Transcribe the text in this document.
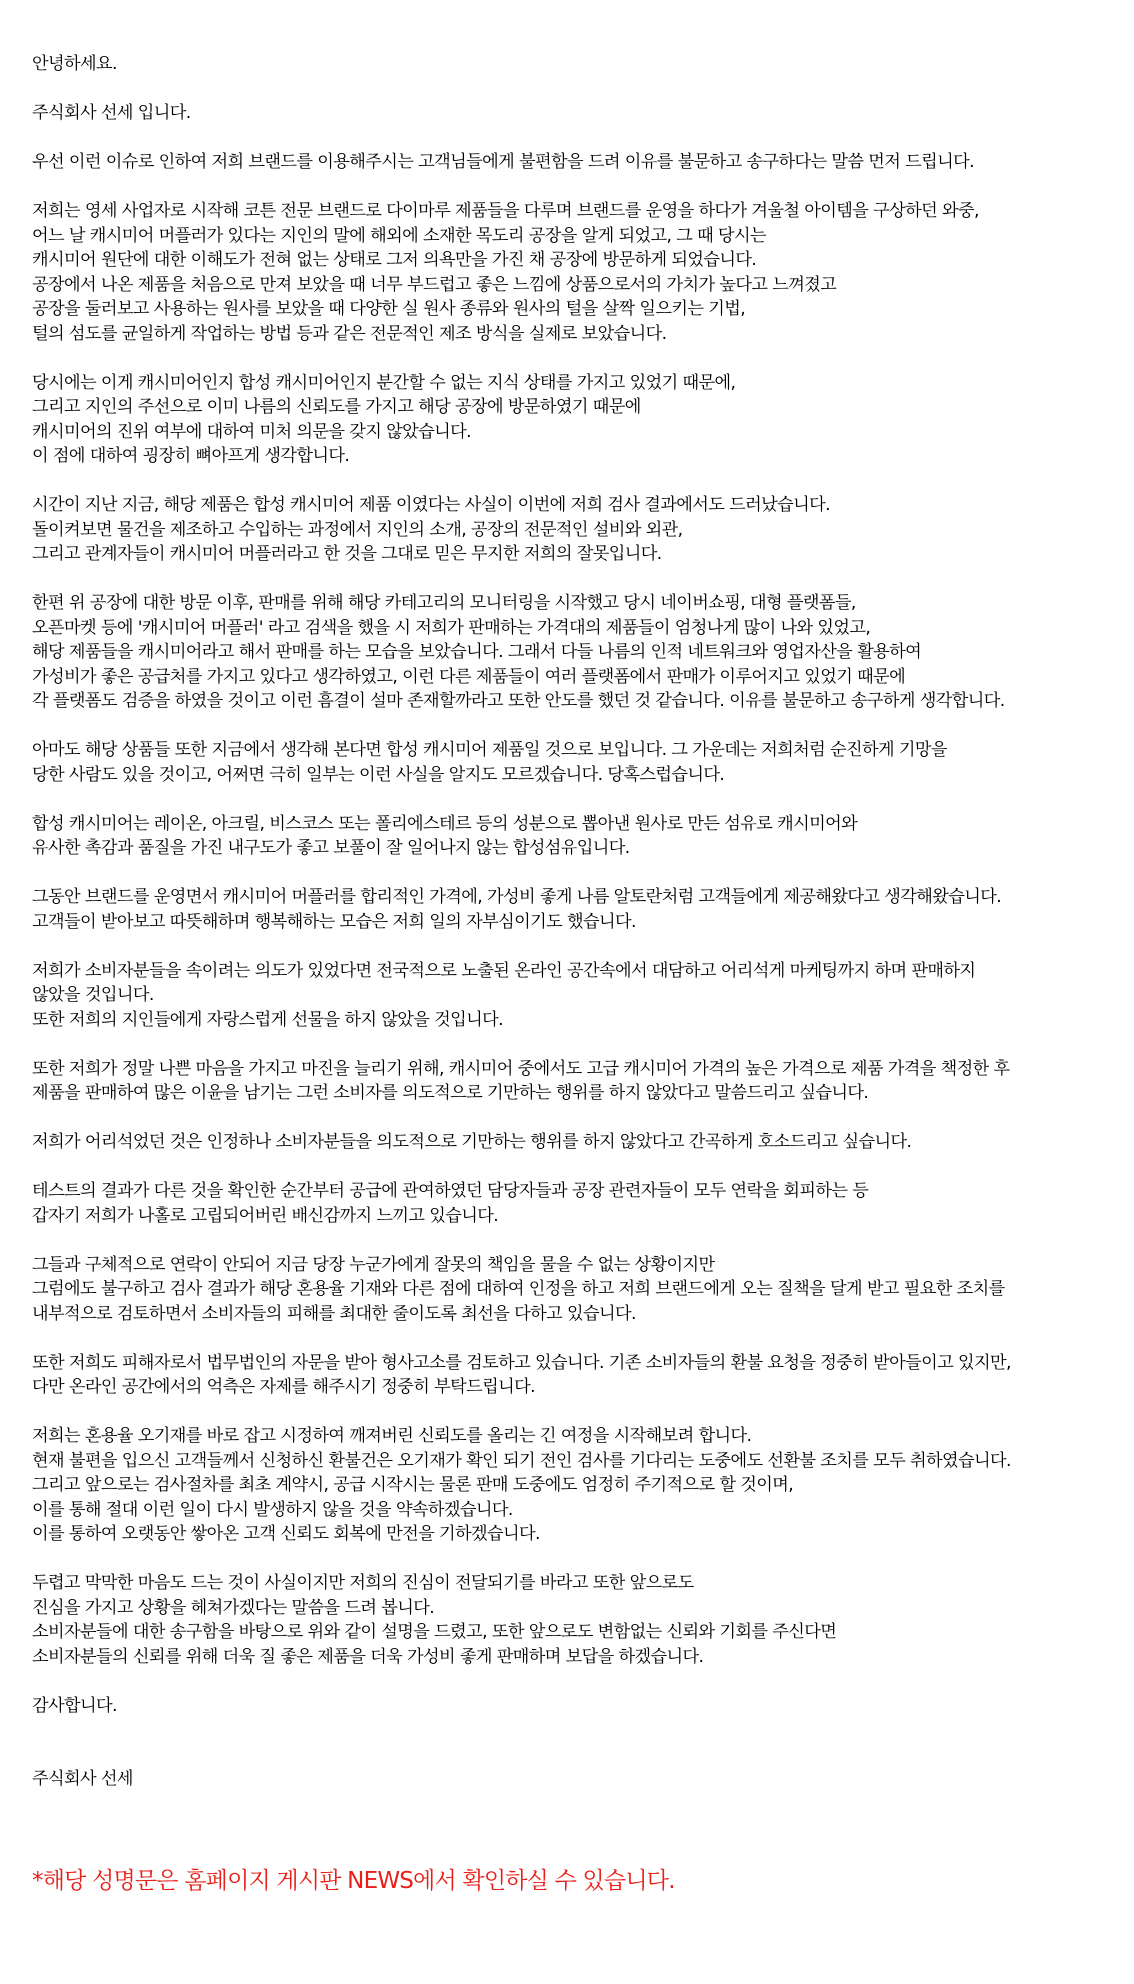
안녕하세요.
주식회사 선세 입니다.
우선 이런 이슈로 인하여 저희 브랜드를 이용해주시는 고객님들에게 불편함을 드려 이유를 불문하고 송구하다는 말씀 먼저 드립니다.
저희는 영세 사업자로 시작해 코튼 전문 브랜드로 다이마루 제품들을 다루며 브랜드를 운영을 하다가 겨울철 아이템을 구상하던 와중,
어느 날 캐시미어 머플러가 있다는 지인의 말에 해외에 소재한 목도리 공장을 알게 되었고, 그 때 당시는
캐시미어 원단에 대한 이해도가 전혀 없는 상태로 그저 의욕만을 가진 채 공장에 방문하게 되었습니다.
공장에서 나온 제품을 처음으로 만져 보았을 때 너무 부드럽고 좋은 느낌에 상품으로서의 가치가 높다고 느껴졌고
공장을 둘러보고 사용하는 원사를 보았을 때 다양한 실 원사 종류와 원사의 털을 살짝 일으키는 기법,
털의 섬도를 균일하게 작업하는 방법 등과 같은 전문적인 제조 방식을 실제로 보았습니다.
당시에는 이게 캐시미어인지 합성 캐시미어인지 분간할 수 없는 지식 상태를 가지고 있었기 때문에,
그리고 지인의 주선으로 이미 나름의 신뢰도를 가지고 해당 공장에 방문하였기 때문에
캐시미어의 진위 여부에 대하여 미처 의문을 갖지 않았습니다.
이 점에 대하여 굉장히 뼈아프게 생각합니다.
시간이 지난 지금, 해당 제품은 합성 캐시미어 제품 이였다는 사실이 이번에 저희 검사 결과에서도 드러났습니다.
돌이켜보면 물건을 제조하고 수입하는 과정에서 지인의 소개, 공장의 전문적인 설비와 외관,
그리고 관계자들이 캐시미어 머플러라고 한 것을 그대로 믿은 무지한 저희의 잘못입니다.
한편 위 공장에 대한 방문 이후, 판매를 위해 해당 카테고리의 모니터링을 시작했고 당시 네이버쇼핑, 대형 플랫폼들,
오픈마켓 등에 '캐시미어 머플러' 라고 검색을 했을 시 저희가 판매하는 가격대의 제품들이 엄청나게 많이 나와 있었고,
해당 제품들을 캐시미어라고 해서 판매를 하는 모습을 보았습니다. 그래서 다들 나름의 인적 네트워크와 영업자산을 활용하여
가성비가 좋은 공급처를 가지고 있다고 생각하였고, 이런 다른 제품들이 여러 플랫폼에서 판매가 이루어지고 있었기 때문에
각 플랫폼도 검증을 하였을 것이고 이런 흠결이 설마 존재할까라고 또한 안도를 했던 것 같습니다. 이유를 불문하고 송구하게 생각합니다.
아마도 해당 상품들 또한 지금에서 생각해 본다면 합성 캐시미어 제품일 것으로 보입니다. 그 가운데는 저희처럼 순진하게 기망을
당한 사람도 있을 것이고, 어쩌면 극히 일부는 이런 사실을 알지도 모르겠습니다. 당혹스럽습니다.
합성 캐시미어는 레이온, 아크릴, 비스코스 또는 폴리에스테르 등의 성분으로 뽑아낸 원사로 만든 섬유로 캐시미어와
유사한 촉감과 품질을 가진 내구도가 좋고 보풀이 잘 일어나지 않는 합성섬유입니다.
그동안 브랜드를 운영면서 캐시미어 머플러를 합리적인 가격에, 가성비 좋게 나름 알토란처럼 고객들에게 제공해왔다고 생각해왔습니다.
고객들이 받아보고 따뜻해하며 행복해하는 모습은 저희 일의 자부심이기도 했습니다.
저희가 소비자분들을 속이려는 의도가 있었다면 전국적으로 노출된 온라인 공간속에서 대담하고 어리석게 마케팅까지 하며 판매하지
않았을 것입니다.
또한 저희의 지인들에게 자랑스럽게 선물을 하지 않았을 것입니다.
또한 저희가 정말 나쁜 마음을 가지고 마진을 늘리기 위해, 캐시미어 중에서도 고급 캐시미어 가격의 높은 가격으로 제품 가격을 책정한 후
제품을 판매하여 많은 이윤을 남기는 그런 소비자를 의도적으로 기만하는 행위를 하지 않았다고 말씀드리고 싶습니다.
저희가 어리석었던 것은 인정하나 소비자분들을 의도적으로 기만하는 행위를 하지 않았다고 간곡하게 호소드리고 싶습니다.
테스트의 결과가 다른 것을 확인한 순간부터 공급에 관여하였던 담당자들과 공장 관련자들이 모두 연락을 회피하는 등
갑자기 저희가 나홀로 고립되어버린 배신감까지 느끼고 있습니다.
그들과 구체적으로 연락이 안되어 지금 당장 누군가에게 잘못의 책임을 물을 수 없는 상황이지만
그럼에도 불구하고 검사 결과가 해당 혼용율 기재와 다른 점에 대하여 인정을 하고 저희 브랜드에게 오는 질책을 달게 받고 필요한 조치를
내부적으로 검토하면서 소비자들의 피해를 최대한 줄이도록 최선을 다하고 있습니다.
또한 저희도 피해자로서 법무법인의 자문을 받아 형사고소를 검토하고 있습니다. 기존 소비자들의 환불 요청을 정중히 받아들이고 있지만,
다만 온라인 공간에서의 억측은 자제를 해주시기 정중히 부탁드립니다.
저희는 혼용율 오기재를 바로 잡고 시정하여 깨져버린 신뢰도를 올리는 긴 여정을 시작해보려 합니다.
현재 불편을 입으신 고객들께서 신청하신 환불건은 오기재가 확인 되기 전인 검사를 기다리는 도중에도 선환불 조치를 모두 취하였습니다.
그리고 앞으로는 검사절차를 최초 계약시, 공급 시작시는 물론 판매 도중에도 엄정히 주기적으로 할 것이며,
이를 통해 절대 이런 일이 다시 발생하지 않을 것을 약속하겠습니다.
이를 통하여 오랫동안 쌓아온 고객 신뢰도 회복에 만전을 기하겠습니다.
두렵고 막막한 마음도 드는 것이 사실이지만 저희의 진심이 전달되기를 바라고 또한 앞으로도
진심을 가지고 상황을 헤쳐가겠다는 말씀을 드려 봅니다.
소비자분들에 대한 송구함을 바탕으로 위와 같이 설명을 드렸고, 또한 앞으로도 변함없는 신뢰와 기회를 주신다면
소비자분들의 신뢰를 위해 더욱 질 좋은 제품을 더욱 가성비 좋게 판매하며 보답을 하겠습니다.
감사합니다.
주식회사 선세
*해당 성명문은 홈페이지 게시판 NEWS에서 확인하실 수 있습니다.
